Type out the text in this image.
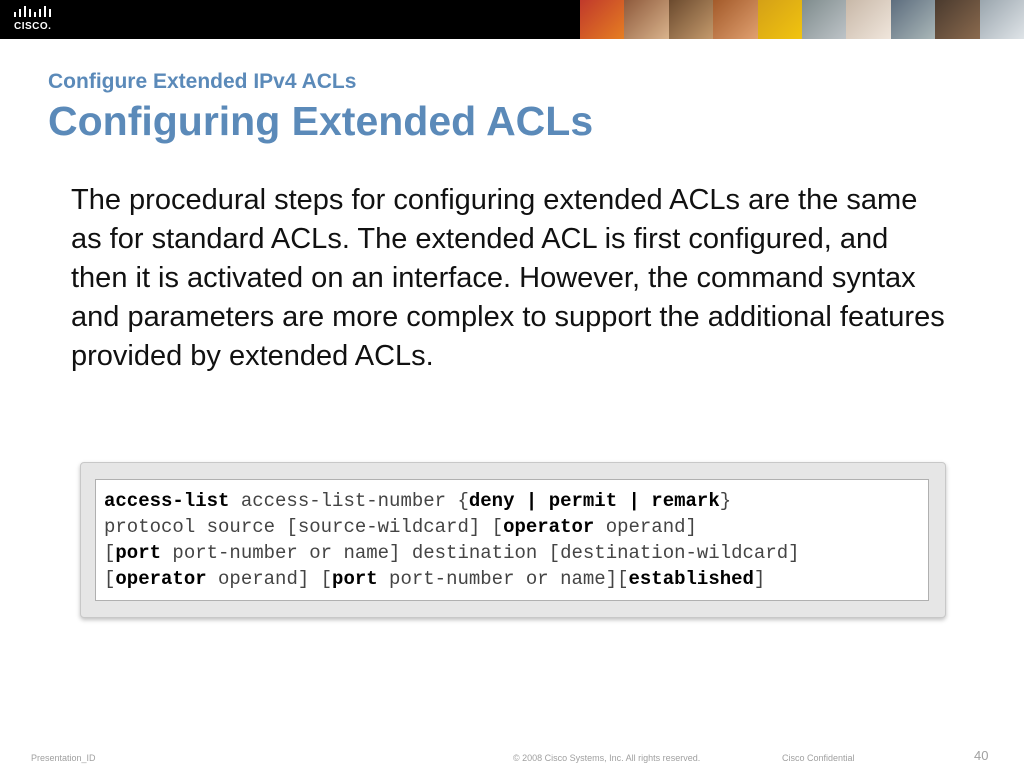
CISCO.
Configure Extended IPv4 ACLs
Configuring Extended ACLs
The procedural steps for configuring extended ACLs are the same as for standard ACLs. The extended ACL is first configured, and then it is activated on an interface. However, the command syntax and parameters are more complex to support the additional features provided by extended ACLs.
access-list access-list-number {deny | permit | remark}
protocol source [source-wildcard] [operator operand]
[port port-number or name] destination [destination-wildcard]
[operator operand] [port port-number or name][established]
Presentation_ID	© 2008 Cisco Systems, Inc. All rights reserved.	Cisco Confidential	40
